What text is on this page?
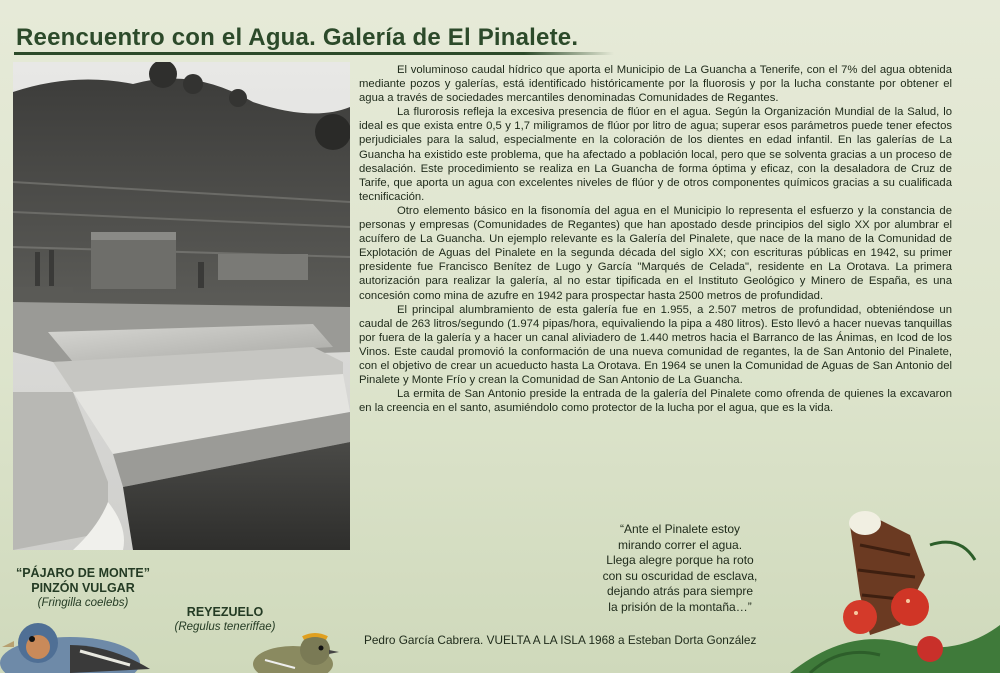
Reencuentro con el Agua. Galería de El Pinalete.

El voluminoso caudal hídrico que aporta el Municipio de La Guancha a Tenerife, con el 7% del agua obtenida mediante pozos y galerías, está identificado históricamente por la fluorosis y por la lucha constante por obtener el agua a través de sociedades mercantiles denominadas Comunidades de Regantes.

La flurorosis refleja la excesiva presencia de flúor en el agua. Según la Organización Mundial de la Salud, lo ideal es que exista entre 0,5 y 1,7 miligramos de flúor por litro de agua; superar esos parámetros puede tener efectos perjudiciales para la salud, especialmente en la coloración de los dientes en edad infantil. En las galerías de La Guancha ha existido este problema, que ha afectado a población local, pero que se solventa gracias a un proceso de desalación. Este procedimiento se realiza en La Guancha de forma óptima y eficaz, con la desaladora de Cruz de Tarife, que aporta un agua con excelentes niveles de flúor y de otros componentes químicos gracias a su cualificada tecnificación.

Otro elemento básico en la fisonomía del agua en el Municipio lo representa el esfuerzo y la constancia de personas y empresas (Comunidades de Regantes) que han apostado desde principios del siglo XX por alumbrar el acuífero de La Guancha. Un ejemplo relevante es la Galería del Pinalete, que nace de la mano de la Comunidad de Explotación de Aguas del Pinalete en la segunda década del siglo XX; con escrituras públicas en 1942, su primer presidente fue Francisco Benítez de Lugo y García "Marqués de Celada", residente en La Orotava. La primera autorización para realizar la galería, al no estar tipificada en el Instituto Geológico y Minero de España, es una concesión como mina de azufre en 1942 para prospectar hasta 2500 metros de profundidad.

El principal alumbramiento de esta galería fue en 1.955, a 2.507 metros de profundidad, obteniéndose un caudal de 263 litros/segundo (1.974 pipas/hora, equivaliendo la pipa a 480 litros). Esto llevó a hacer nuevas tanquillas por fuera de la galería y a hacer un canal aliviadero de 1.440 metros hacia el Barranco de las Ánimas, en Icod de los Vinos. Este caudal promovió la conformación de una nueva comunidad de regantes, la de San Antonio del Pinalete, con el objetivo de crear un acueducto hasta La Orotava. En 1964 se unen la Comunidad de Aguas de San Antonio del Pinalete y Monte Frío y crean la Comunidad de San Antonio de La Guancha.

La ermita de San Antonio preside la entrada de la galería del Pinalete como ofrenda de quienes la excavaron en la creencia en el santo, asumiéndolo como protector de la lucha por el agua, que es la vida.

“Ante el Pinalete estoy
mirando correr el agua.
Llega alegre porque ha roto
con su oscuridad de esclava,
dejando atrás para siempre
la prisión de la montaña…”
Pedro García Cabrera. VUELTA A LA ISLA 1968 a Esteban Dorta González
“PÁJARO DE MONTE”
PINZÓN VULGAR
(Fringilla coelebs)
REYEZUELO
(Regulus teneriffae)
